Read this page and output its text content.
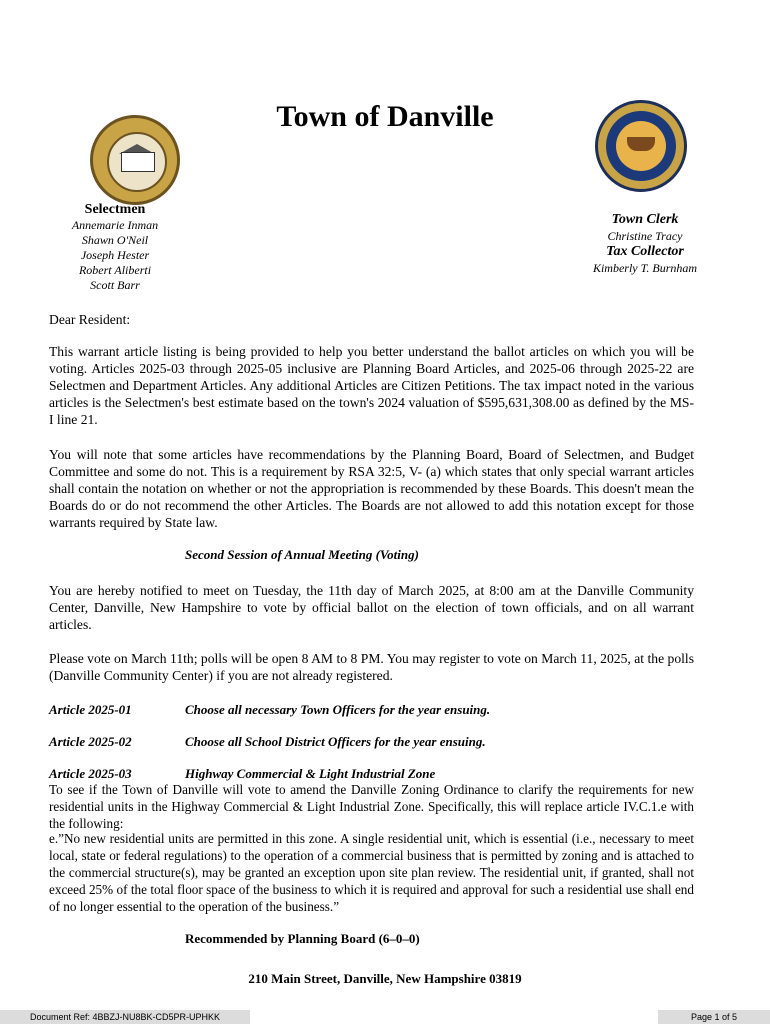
Town of Danville
Selectmen
Annemarie Inman
Shawn O'Neil
Joseph Hester
Robert Aliberti
Scott Barr
Town Clerk
Christine Tracy
Tax Collector
Kimberly T. Burnham
Dear Resident:
This warrant article listing is being provided to help you better understand the ballot articles on which you will be voting. Articles 2025-03 through 2025-05 inclusive are Planning Board Articles, and 2025-06 through 2025-22 are Selectmen and Department Articles. Any additional Articles are Citizen Petitions. The tax impact noted in the various articles is the Selectmen's best estimate based on the town's 2024 valuation of $595,631,308.00 as defined by the MS-I line 21.
You will note that some articles have recommendations by the Planning Board, Board of Selectmen, and Budget Committee and some do not. This is a requirement by RSA 32:5, V- (a) which states that only special warrant articles shall contain the notation on whether or not the appropriation is recommended by these Boards. This doesn't mean the Boards do or do not recommend the other Articles. The Boards are not allowed to add this notation except for those warrants required by State law.
Second Session of Annual Meeting (Voting)
You are hereby notified to meet on Tuesday, the 11th day of March 2025, at 8:00 am at the Danville Community Center, Danville, New Hampshire to vote by official ballot on the election of town officials, and on all warrant articles.
Please vote on March 11th; polls will be open 8 AM to 8 PM. You may register to vote on March 11, 2025, at the polls (Danville Community Center) if you are not already registered.
Article 2025-01	Choose all necessary Town Officers for the year ensuing.
Article 2025-02	Choose all School District Officers for the year ensuing.
Article 2025-03	Highway Commercial & Light Industrial Zone
To see if the Town of Danville will vote to amend the Danville Zoning Ordinance to clarify the requirements for new residential units in the Highway Commercial & Light Industrial Zone. Specifically, this will replace article IV.C.1.e with the following:
e.”No new residential units are permitted in this zone. A single residential unit, which is essential (i.e., necessary to meet local, state or federal regulations) to the operation of a commercial business that is permitted by zoning and is attached to the commercial structure(s), may be granted an exception upon site plan review. The residential unit, if granted, shall not exceed 25% of the total floor space of the business to which it is required and approval for such a residential use shall end of no longer essential to the operation of the business.”
Recommended by Planning Board (6–0–0)
210 Main Street, Danville, New Hampshire 03819
Document Ref: 4BBZJ-NU8BK-CD5PR-UPHKK	Page 1 of 5
